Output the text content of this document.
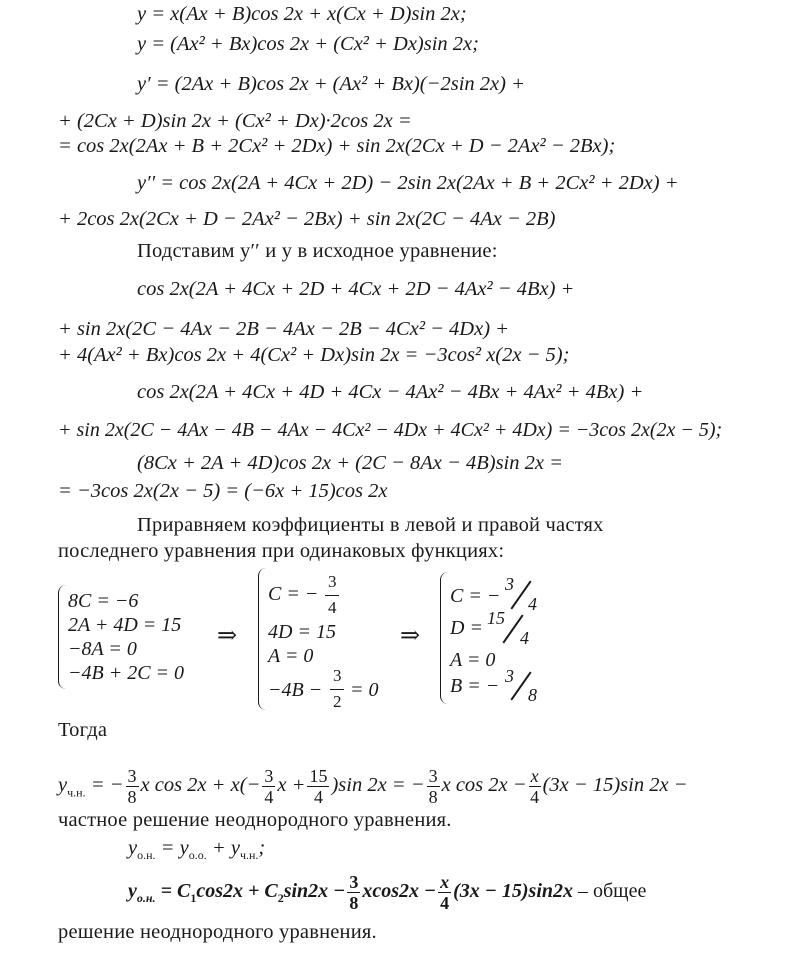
y = x(Ax + B)cos 2x + x(Cx + D)sin 2x;
y = (Ax² + Bx)cos 2x + (Cx² + Dx)sin 2x;
y′ = (2Ax + B)cos 2x + (Ax² + Bx)(−2sin 2x) +
+ (2Cx + D)sin 2x + (Cx² + Dx)·2cos 2x =
= cos 2x(2Ax + B + 2Cx² + 2Dx) + sin 2x(2Cx + D − 2Ax² − 2Bx);
y′′ = cos 2x(2A + 4Cx + 2D) − 2sin 2x(2Ax + B + 2Cx² + 2Dx) +
+ 2cos 2x(2Cx + D − 2Ax² − 2Bx) + sin 2x(2C − 4Ax − 2B)
Подставим y′′ и y в исходное уравнение:
cos 2x(2A + 4Cx + 2D + 4Cx + 2D − 4Ax² − 4Bx) +
+ sin 2x(2C − 4Ax − 2B − 4Ax − 2B − 4Cx² − 4Dx) +
+ 4(Ax² + Bx)cos 2x + 4(Cx² + Dx)sin 2x = −3cos² x(2x − 5);
cos 2x(2A + 4Cx + 4D + 4Cx − 4Ax² − 4Bx + 4Ax² + 4Bx) +
+ sin 2x(2C − 4Ax − 4B − 4Ax − 4Cx² − 4Dx + 4Cx² + 4Dx) = −3cos 2x(2x − 5);
(8Cx + 2A + 4D)cos 2x + (2C − 8Ax − 4B)sin 2x =
= −3cos 2x(2x − 5) = (−6x + 15)cos 2x
Приравняем коэффициенты в левой и правой частях
последнего уравнения при одинаковых функциях:
8C = −6
2A + 4D = 15
−8A = 0
−4B + 2C = 0
⇒
C = −
3
4
4D = 15
A = 0
−4B −
3
2
= 0
⇒
C = −
3
4
D = 15
4
A = 0
B = − 3
8
Тогда
$y_{ч.н.}$ = − $\frac{3}{8}$ x $\cos 2x + x(- \frac{3}{4}$ $x + \frac{15}{4} )\sin$ 2x = − $\frac{3}{8}$ x $\cos 2x - \frac{x}{4} (3x - 15)\sin$ 2x −
частное решение неоднородного уравнения.
$y_{о.н.} = y_{о.о.} + y_{ч.н.}$;
$y_{о.н.} = C_1\cos 2x + C_2\sin 2x - \frac{3}{8} xcos2x - \frac{x}{4} (3x - 15)\sin 2x$ – общее
решение неоднородного уравнения.
